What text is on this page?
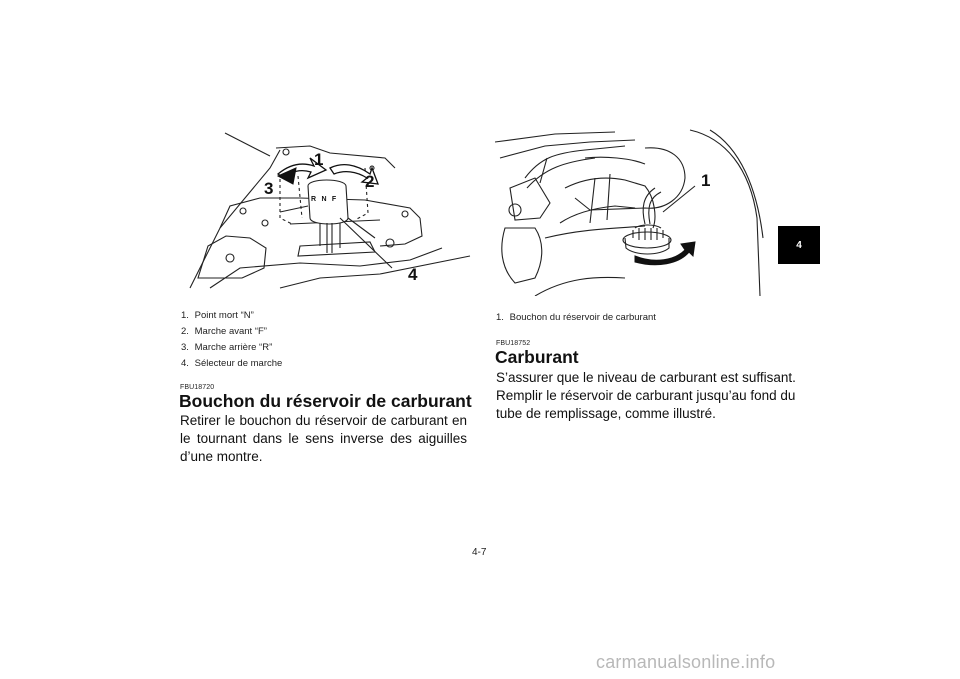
R  N  F
1
2
3
4
1. Point mort “N”
2. Marche avant “F”
3. Marche arrière “R”
4. Sélecteur de marche
FBU18720
Bouchon du réservoir de carburant

Retirer le bouchon du réservoir de carburant en le tournant dans le sens inverse des aiguilles d’une montre.

1
1. Bouchon du réservoir de carburant
FBU18752
Carburant

S’assurer que le niveau de carburant est suffisant. Remplir le réservoir de carburant jusqu’au fond du tube de remplissage, comme illustré.

4-7
4
carmanualsonline.info
